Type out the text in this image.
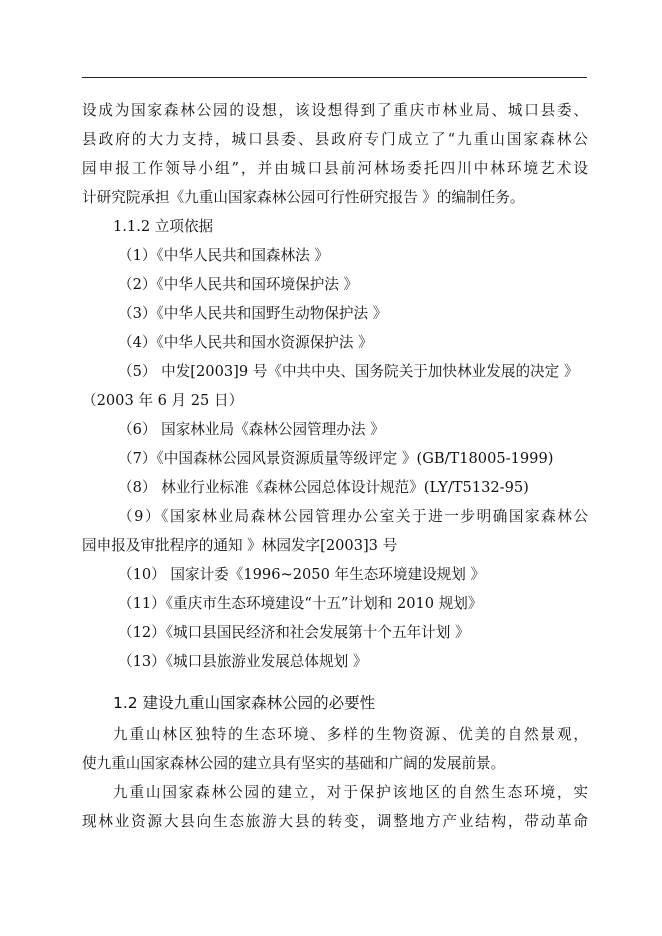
设成为国家森林公园的设想，该设想得到了重庆市林业局、城口县委、
县政府的大力支持，城口县委、县政府专门成立了“九重山国家森林公
园申报工作领导小组”，并由城口县前河林场委托四川中林环境艺术设
计研究院承担《九重山国家森林公园可行性研究报告 》的编制任务。
1.1.2 立项依据
（1）《中华人民共和国森林法 》
（2）《中华人民共和国环境保护法 》
（3）《中华人民共和国野生动物保护法 》
（4）《中华人民共和国水资源保护法 》
（5） 中发[2003]9 号《中共中央、国务院关于加快林业发展的决定 》
（2003 年 6 月 25 日）
（6） 国家林业局《森林公园管理办法 》
（7）《中国森林公园风景资源质量等级评定 》(GB/T18005-1999)
（8） 林业行业标准《森林公园总体设计规范》(LY/T5132-95)
（9）《国家林业局森林公园管理办公室关于进一步明确国家森林公
园申报及审批程序的通知 》林园发字[2003]3 号
（10） 国家计委《1996~2050 年生态环境建设规划 》
（11）《重庆市生态环境建设“十五”计划和 2010 规划》
（12）《城口县国民经济和社会发展第十个五年计划 》
（13）《城口县旅游业发展总体规划 》
1.2 建设九重山国家森林公园的必要性
九重山林区独特的生态环境、多样的生物资源、优美的自然景观，
使九重山国家森林公园的建立具有坚实的基础和广阔的发展前景。
九重山国家森林公园的建立，对于保护该地区的自然生态环境，实
现林业资源大县向生态旅游大县的转变，调整地方产业结构，带动革命
